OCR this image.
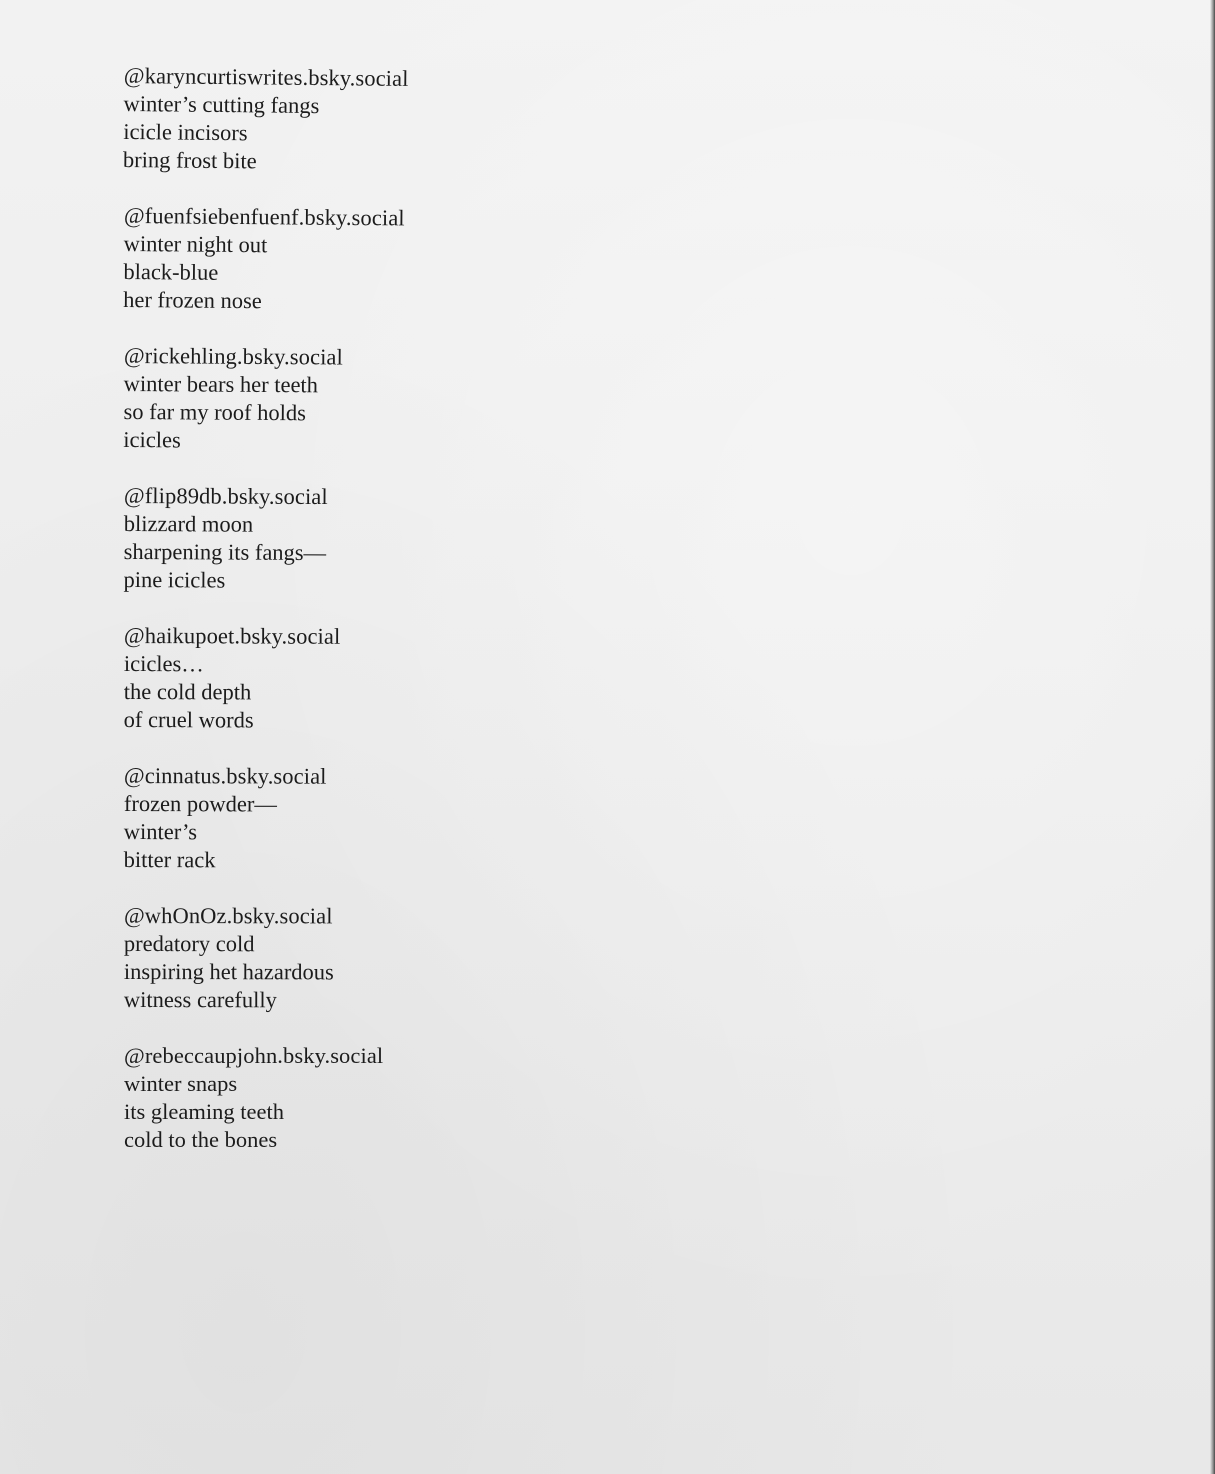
@karyncurtiswrites.bsky.social
winter’s cutting fangs
icicle incisors
bring frost bite
@fuenfsiebenfuenf.bsky.social
winter night out
black-blue
her frozen nose
@rickehling.bsky.social
winter bears her teeth
so far my roof holds
icicles
@flip89db.bsky.social
blizzard moon
sharpening its fangs—
pine icicles
@haikupoet.bsky.social
icicles…
the cold depth
of cruel words
@cinnatus.bsky.social
frozen powder—
winter’s
bitter rack
@whOnOz.bsky.social
predatory cold
inspiring het hazardous
witness carefully
@rebeccaupjohn.bsky.social
winter snaps
its gleaming teeth
cold to the bones
